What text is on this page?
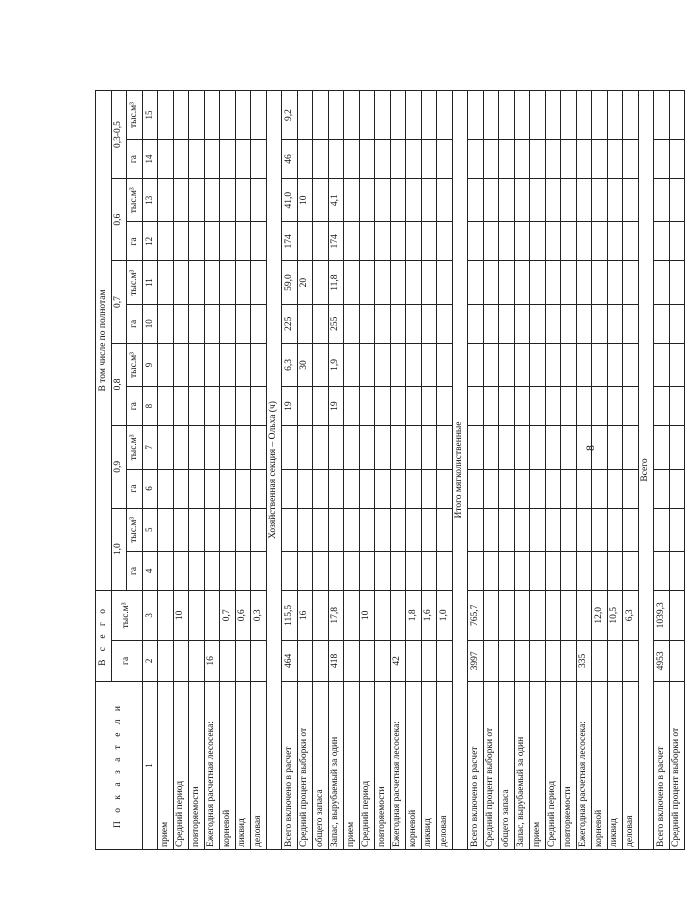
П о к а з а т е л и	В с е г о		В том числе по полнотам											
	га	тыс.м³	1,0		0,9		0,8		0,7		0,6		0,3-0,5	
			га	тыс.м³	га	тыс.м³	га	тыс.м³	га	тыс.м³	га	тыс.м³	га	тыс.м³
1	2	3	4	5	6	7	8	9	10	11	12	13	14	15
прием														
Средний период		10												
повторяемости														
Ежегодная расчетная лесосека:	16													
корневой		0,7												
ликвид		0,6												
деловая		0,3												
Хозяйственная секция – Ольха (ч)														
Всего включено в расчет	464	115,5					19	6,3	225	59,0	174	41,0	46	9,2
Средний процент выборки от		16						30		20		10		
общего запаса														
Запас, вырубаемый за один	418	17,8					19	1,9	255	11,8	174	4,1		
прием														
Средний период		10												
повторяемости														
Ежегодная расчетная лесосека:	42													
корневой		1,8												
ликвид		1,6												
деловая		1,0												
Итого мягколиственные														
Всего включено в расчет	3997	765,7												
Средний процент выборки от														
общего запаса														
Запас, вырубаемый за один														
прием														
Средний период														
повторяемости														
Ежегодная расчетная лесосека:	335													
корневой		12,0												
ликвид		10,5												
деловая		6,3												
Всего														
Всего включено в расчет	4953	1039,3												
Средний процент выборки от														
8
